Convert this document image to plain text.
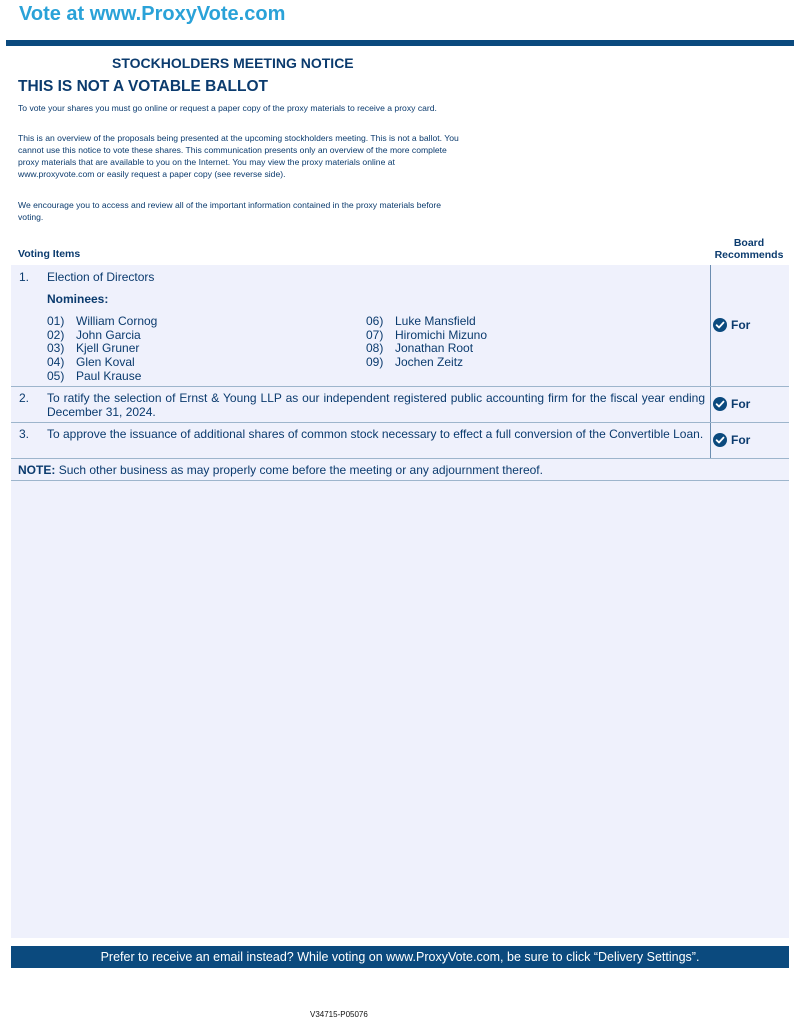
Vote at www.ProxyVote.com
STOCKHOLDERS MEETING NOTICE
THIS IS NOT A VOTABLE BALLOT

To vote your shares you must go online or request a paper copy of the proxy materials to receive a proxy card.

This is an overview of the proposals being presented at the upcoming stockholders meeting. This is not a ballot. You cannot use this notice to vote these shares. This communication presents only an overview of the more complete proxy materials that are available to you on the Internet. You may view the proxy materials online at www.proxyvote.com or easily request a paper copy (see reverse side).

We encourage you to access and review all of the important information contained in the proxy materials before voting.

Voting Items
Board
Recommends
1. Election of Directors
Nominees:
01) William Cornog
02) John Garcia
03) Kjell Gruner
04) Glen Koval
05) Paul Krause
06) Luke Mansfield
07) Hiromichi Mizuno
08) Jonathan Root
09) Jochen Zeitz
For
2. To ratify the selection of Ernst & Young LLP as our independent registered public accounting firm for the fiscal year ending December 31, 2024.
For
3. To approve the issuance of additional shares of common stock necessary to effect a full conversion of the Convertible Loan. For
NOTE: Such other business as may properly come before the meeting or any adjournment thereof.
Prefer to receive an email instead? While voting on www.ProxyVote.com, be sure to click “Delivery Settings”.
V34715-P05076
